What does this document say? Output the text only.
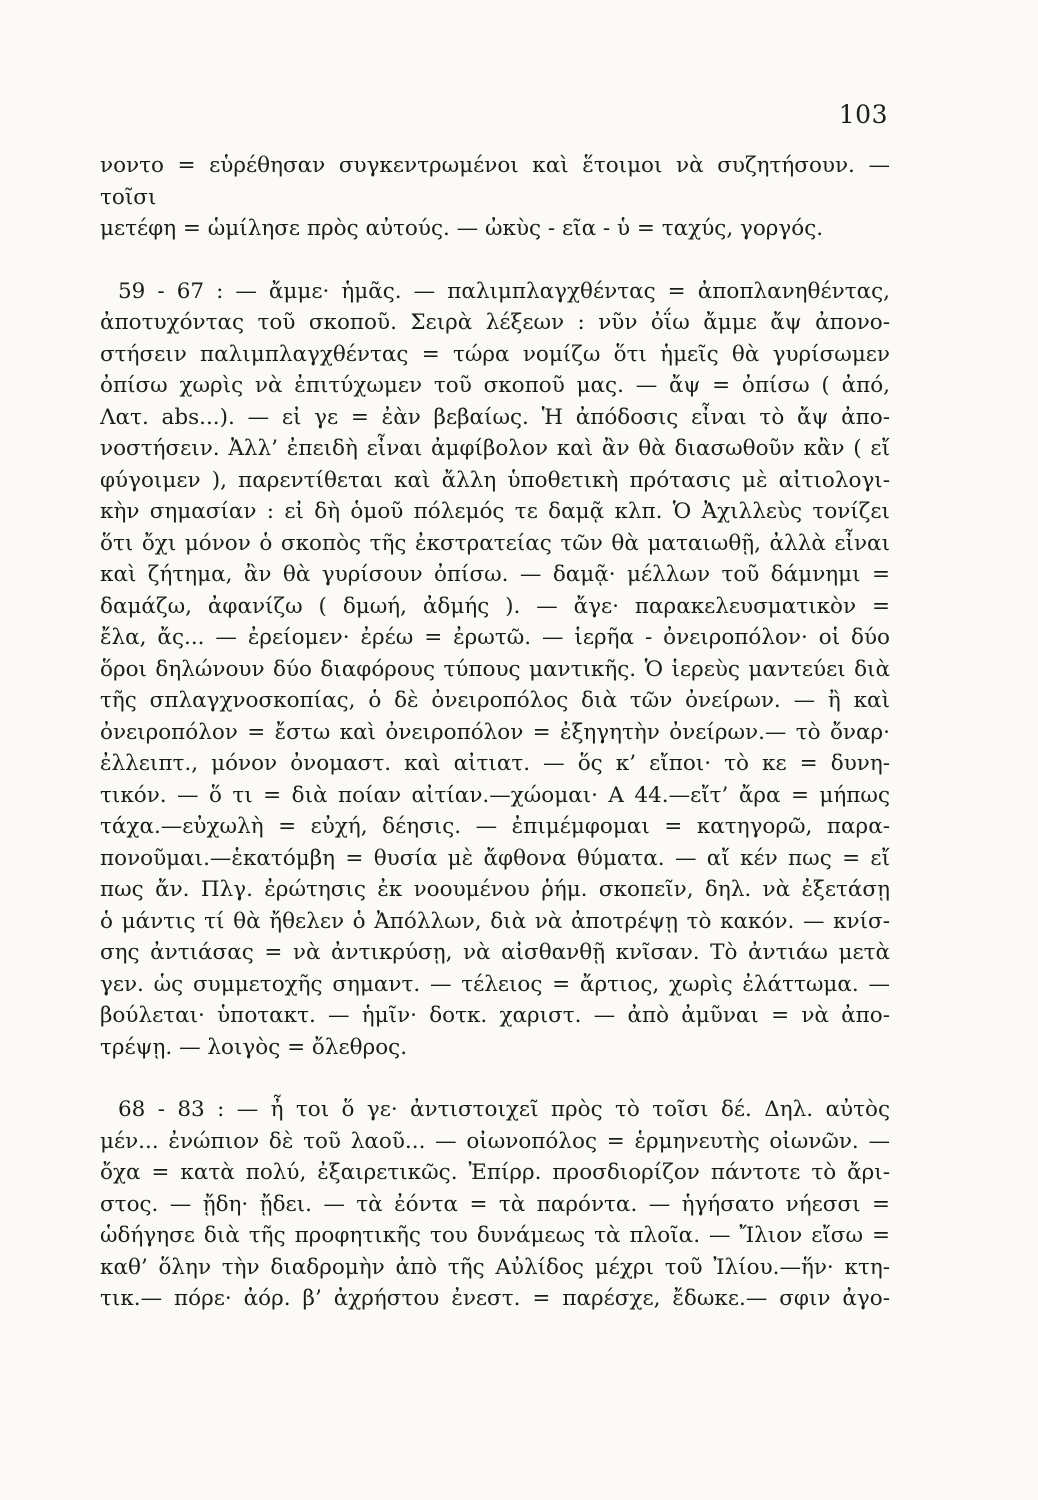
103

νοντο = εὑρέθησαν συγκεντρωμένοι καὶ ἕτοιμοι νὰ συζητήσουν. — τοῖσι
μετέφη = ὡμίλησε πρὸς αὐτούς. — ὠκὺς - εῖα - ὑ = ταχύς, γοργός.

59 - 67 : — ἄμμε· ἡμᾶς. — παλιμπλαγχθέντας = ἀποπλανηθέντας,
ἀποτυχόντας τοῦ σκοποῦ. Σειρὰ λέξεων : νῦν ὀΐω ἄμμε ἄψ ἀπονο-
στήσειν παλιμπλαγχθέντας = τώρα νομίζω ὅτι ἡμεῖς θὰ γυρίσωμεν
ὀπίσω χωρὶς νὰ ἐπιτύχωμεν τοῦ σκοποῦ μας. — ἄψ = ὀπίσω ( ἀπό,
Λατ. abs...). — εἰ γε = ἐὰν βεβαίως. Ἡ ἀπόδοσις εἶναι τὸ ἄψ ἀπο-
νοστήσειν. Ἀλλ’ ἐπειδὴ εἶναι ἀμφίβολον καὶ ἂν θὰ διασωθοῦν κἂν ( εἴ
φύγοιμεν ), παρεντίθεται καὶ ἄλλη ὑποθετικὴ πρότασις μὲ αἰτιολογι-
κὴν σημασίαν : εἰ δὴ ὁμοῦ πόλεμός τε δαμᾷ κλπ. Ὁ Ἀχιλλεὺς τονίζει
ὅτι ὄχι μόνον ὁ σκοπὸς τῆς ἐκστρατείας τῶν θὰ ματαιωθῇ, ἀλλὰ εἶναι
καὶ ζήτημα, ἂν θὰ γυρίσουν ὀπίσω. — δαμᾷ· μέλλων τοῦ δάμνημι =
δαμάζω, ἀφανίζω ( δμωή, ἀδμής ). — ἄγε· παρακελευσματικὸν =
ἔλα, ἄς... — ἐρείομεν· ἐρέω = ἐρωτῶ. — ἱερῆα - ὀνειροπόλον· οἱ δύο
ὅροι δηλώνουν δύο διαφόρους τύπους μαντικῆς. Ὁ ἱερεὺς μαντεύει διὰ
τῆς σπλαγχνοσκοπίας, ὁ δὲ ὀνειροπόλος διὰ τῶν ὀνείρων. — ἢ καὶ
ὀνειροπόλον = ἔστω καὶ ὀνειροπόλον = ἐξηγητὴν ὀνείρων.— τὸ ὄναρ·
ἐλλειπτ., μόνον ὀνομαστ. καὶ αἰτιατ. — ὅς κ’ εἴποι· τὸ κε = δυνη-
τικόν. — ὅ τι = διὰ ποίαν αἰτίαν.—χώομαι· Α 44.—εἴτ’ ἄρα = μήπως
τάχα.—εὐχωλὴ = εὐχή, δέησις. — ἐπιμέμφομαι = κατηγορῶ, παρα-
πονοῦμαι.—ἑκατόμβη = θυσία μὲ ἄφθονα θύματα. — αἴ κέν πως = εἴ
πως ἄν. Πλγ. ἐρώτησις ἐκ νοουμένου ῥήμ. σκοπεῖν, δηλ. νὰ ἐξετάσῃ
ὁ μάντις τί θὰ ἤθελεν ὁ Ἀπόλλων, διὰ νὰ ἀποτρέψῃ τὸ κακόν. — κνίσ-
σης ἀντιάσας = νὰ ἀντικρύσῃ, νὰ αἰσθανθῇ κνῖσαν. Τὸ ἀντιάω μετὰ
γεν. ὡς συμμετοχῆς σημαντ. — τέλειος = ἄρτιος, χωρὶς ἐλάττωμα. —
βούλεται· ὑποτακτ. — ἡμῖν· δοτκ. χαριστ. — ἀπὸ ἀμῦναι = νὰ ἀπο-
τρέψῃ. — λοιγὸς = ὄλεθρος.

68 - 83 : — ἦ τοι ὅ γε· ἀντιστοιχεῖ πρὸς τὸ τοῖσι δέ. Δηλ. αὐτὸς
μέν... ἐνώπιον δὲ τοῦ λαοῦ... — οἰωνοπόλος = ἑρμηνευτὴς οἰωνῶν. —
ὄχα = κατὰ πολύ, ἐξαιρετικῶς. Ἐπίρρ. προσδιορίζον πάντοτε τὸ ἄρι-
στος. — ᾔδη· ᾔδει. — τὰ ἐόντα = τὰ παρόντα. — ἡγήσατο νήεσσι =
ὡδήγησε διὰ τῆς προφητικῆς του δυνάμεως τὰ πλοῖα. — Ἴλιον εἴσω =
καθ’ ὅλην τὴν διαδρομὴν ἀπὸ τῆς Αὐλίδος μέχρι τοῦ Ἰλίου.—ἥν· κτη-
τικ.— πόρε· ἀόρ. β’ ἀχρήστου ἐνεστ. = παρέσχε, ἔδωκε.— σφιν ἀγο-
